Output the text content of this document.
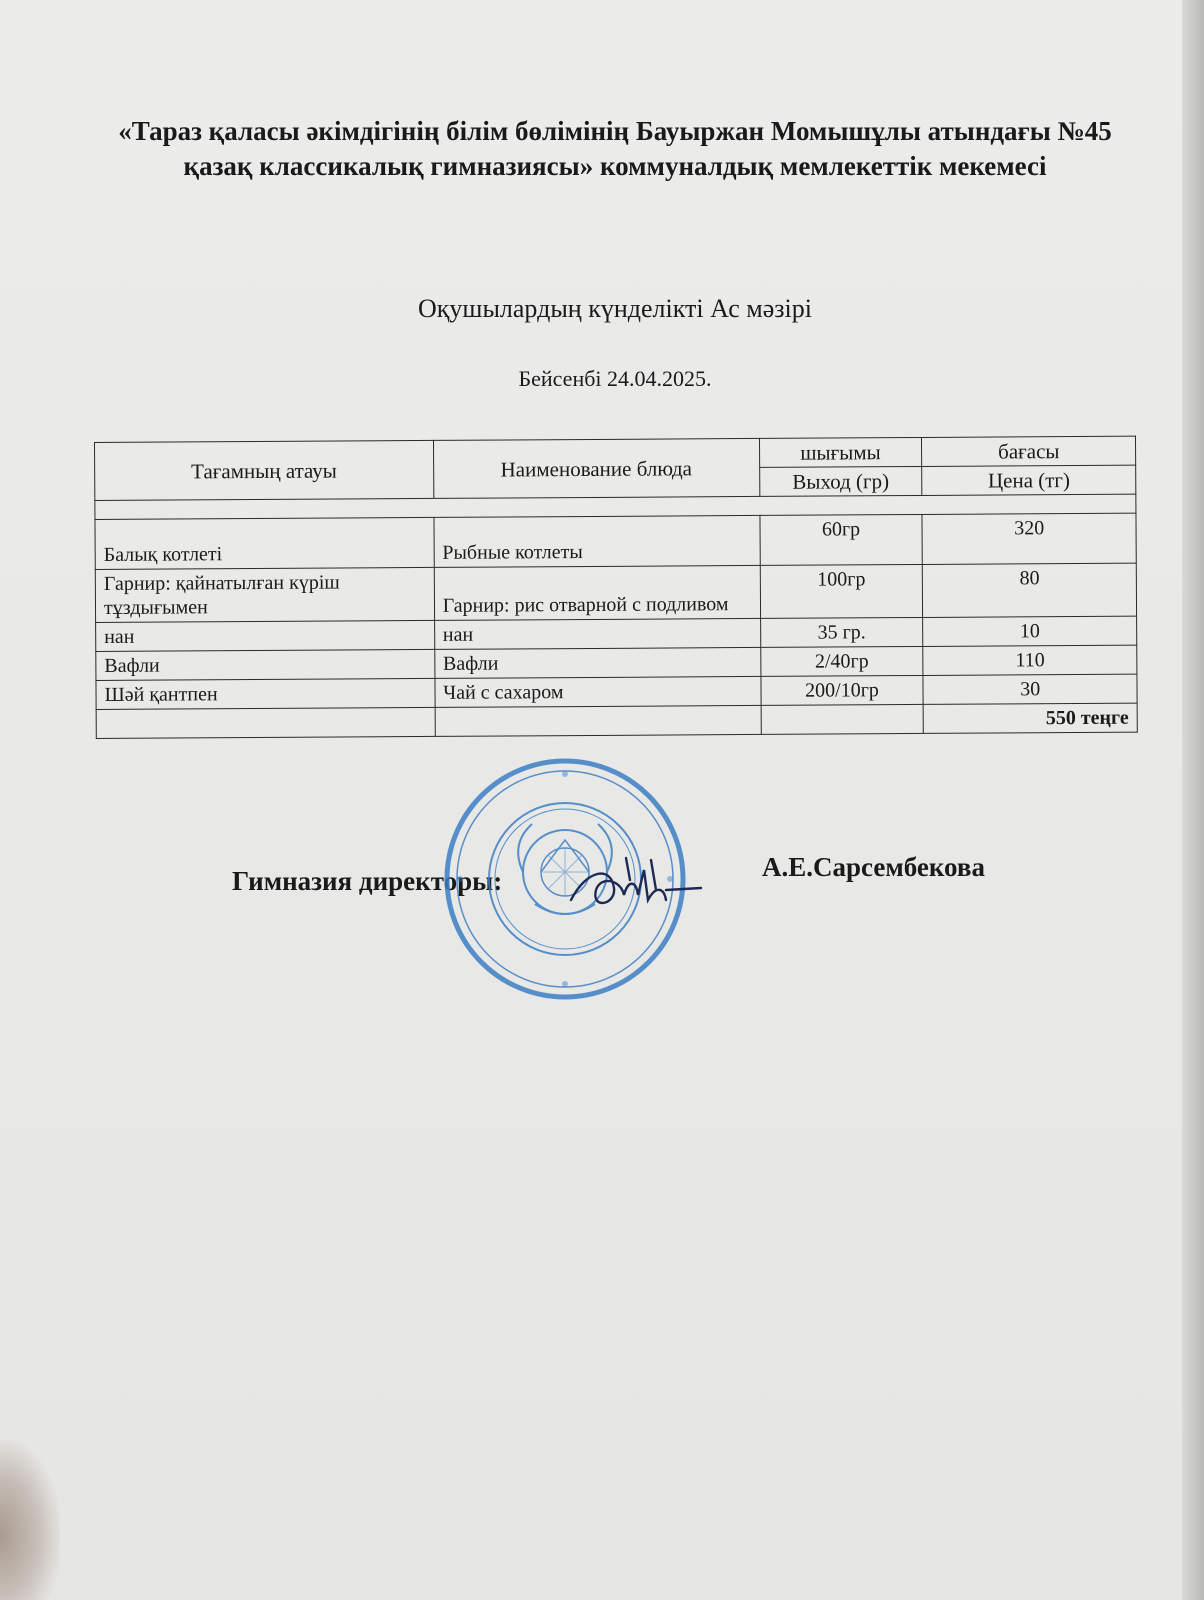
«Тараз қаласы әкімдігінің білім бөлімінің Бауыржан Момышұлы атындағы №45 қазақ классикалық гимназиясы» коммуналдық мемлекеттік мекемесі
Оқушылардың күнделікті Ас мәзірі
Бейсенбі 24.04.2025.
Тағамның атауы	Наименование блюда	шығымы	бағасы
		Выход (гр)	Цена (тг)

Балық котлеті	Рыбные котлеты	60гр	320
Гарнир: қайнатылған күріш тұздығымен	Гарнир: рис отварной с подливом	100гр	80
нан	нан	35 гр.	10
Вафли	Вафли	2/40гр	110
Шәй қантпен	Чай с сахаром	200/10гр	30
			550 теңге
Гимназия директоры:	А.Е.Сарсембекова
